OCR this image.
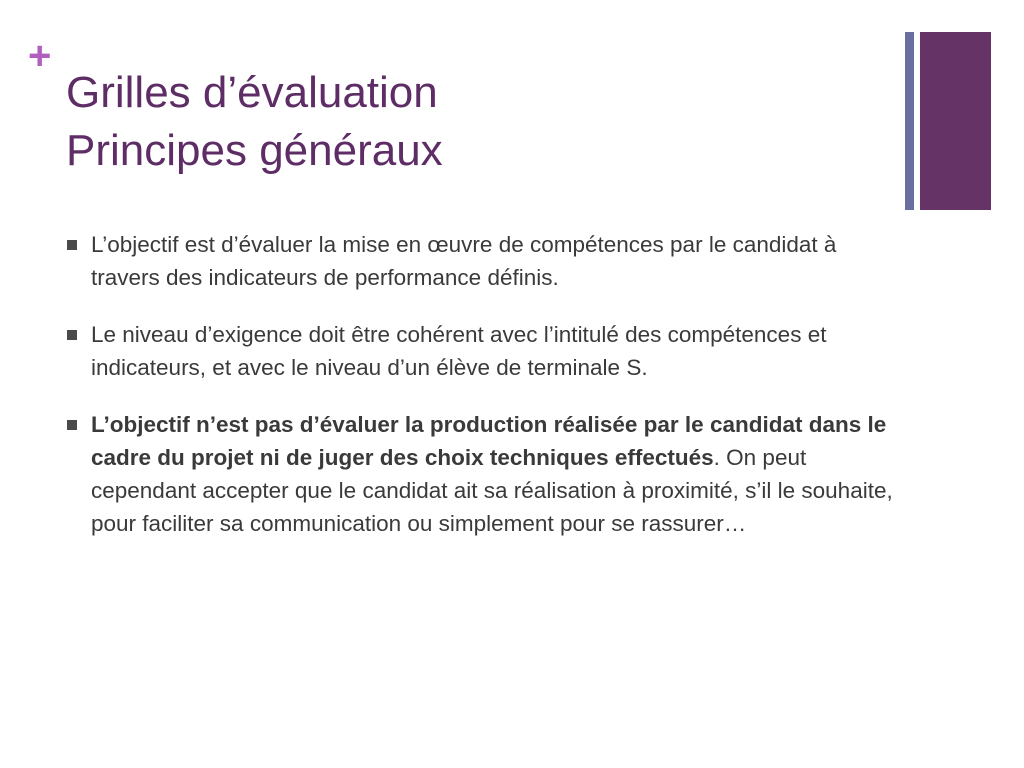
+
Grilles d’évaluation
Principes généraux
L’objectif est d’évaluer la mise en œuvre de compétences par le candidat à travers des indicateurs de performance définis.
Le niveau d’exigence doit être cohérent avec l’intitulé des compétences et indicateurs, et avec le niveau d’un élève de terminale S.
L’objectif n’est pas d’évaluer la production réalisée par le candidat dans le cadre du projet ni de juger des choix techniques effectués. On peut cependant accepter que le candidat ait sa réalisation à proximité, s’il le souhaite, pour faciliter sa communication ou simplement pour se rassurer…
